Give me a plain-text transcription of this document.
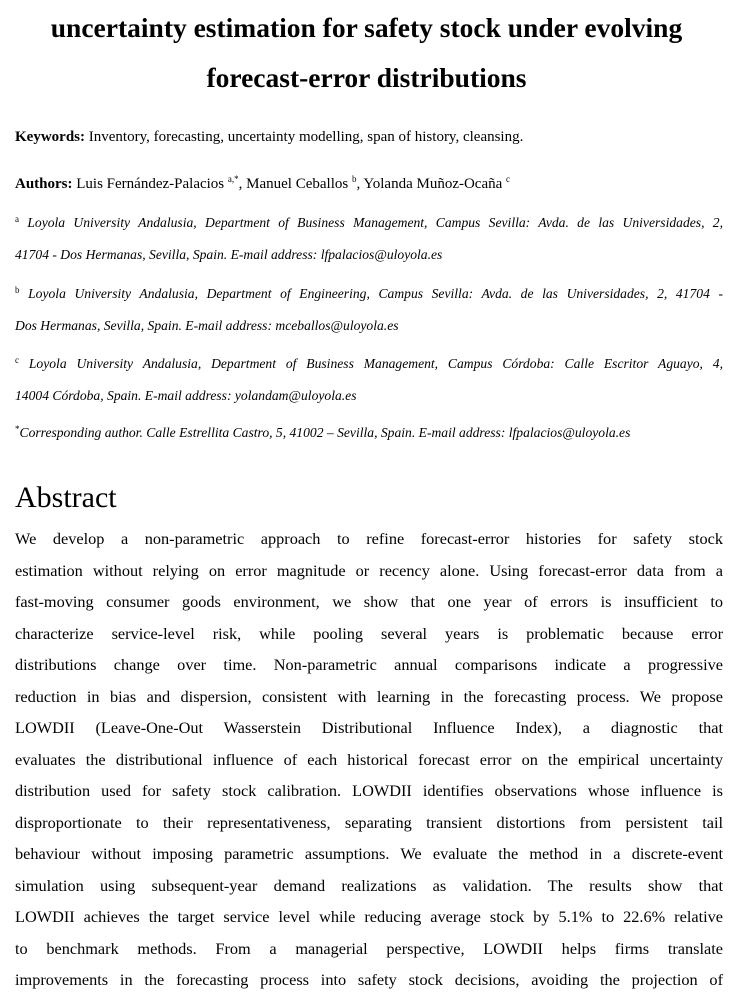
uncertainty estimation for safety stock under evolving
forecast-error distributions
Keywords: Inventory, forecasting, uncertainty modelling, span of history, cleansing.
Authors: Luis Fernández-Palacios $^{a,*}$, Manuel Ceballos $^b$, Yolanda Muñoz-Ocaña $^c$
$^a$ Loyola University Andalusia, Department of Business Management, Campus Sevilla: Avda. de las Universidades, 2,
41704 - Dos Hermanas, Sevilla, Spain. E-mail address: lfpalacios@uloyola.es
$^b$ Loyola University Andalusia, Department of Engineering, Campus Sevilla: Avda. de las Universidades, 2, 41704 -
Dos Hermanas, Sevilla, Spain. E-mail address: mceballos@uloyola.es
$^c$ Loyola University Andalusia, Department of Business Management, Campus Córdoba: Calle Escritor Aguayo, 4,
14004 Córdoba, Spain. E-mail address: yolandam@uloyola.es
*Corresponding author. Calle Estrellita Castro, 5, 41002 – Sevilla, Spain. E-mail address: lfpalacios@uloyola.es
Abstract
We develop a non-parametric approach to refine forecast-error histories for safety stock
estimation without relying on error magnitude or recency alone. Using forecast-error data from a
fast-moving consumer goods environment, we show that one year of errors is insufficient to
characterize service-level risk, while pooling several years is problematic because error
distributions change over time. Non-parametric annual comparisons indicate a progressive
reduction in bias and dispersion, consistent with learning in the forecasting process. We propose
LOWDII (Leave-One-Out Wasserstein Distributional Influence Index), a diagnostic that
evaluates the distributional influence of each historical forecast error on the empirical uncertainty
distribution used for safety stock calibration. LOWDII identifies observations whose influence is
disproportionate to their representativeness, separating transient distortions from persistent tail
behaviour without imposing parametric assumptions. We evaluate the method in a discrete-event
simulation using subsequent-year demand realizations as validation. The results show that
LOWDII achieves the target service level while reducing average stock by 5.1% to 22.6% relative
to benchmark methods. From a managerial perspective, LOWDII helps firms translate
improvements in the forecasting process into safety stock decisions, avoiding the projection of
